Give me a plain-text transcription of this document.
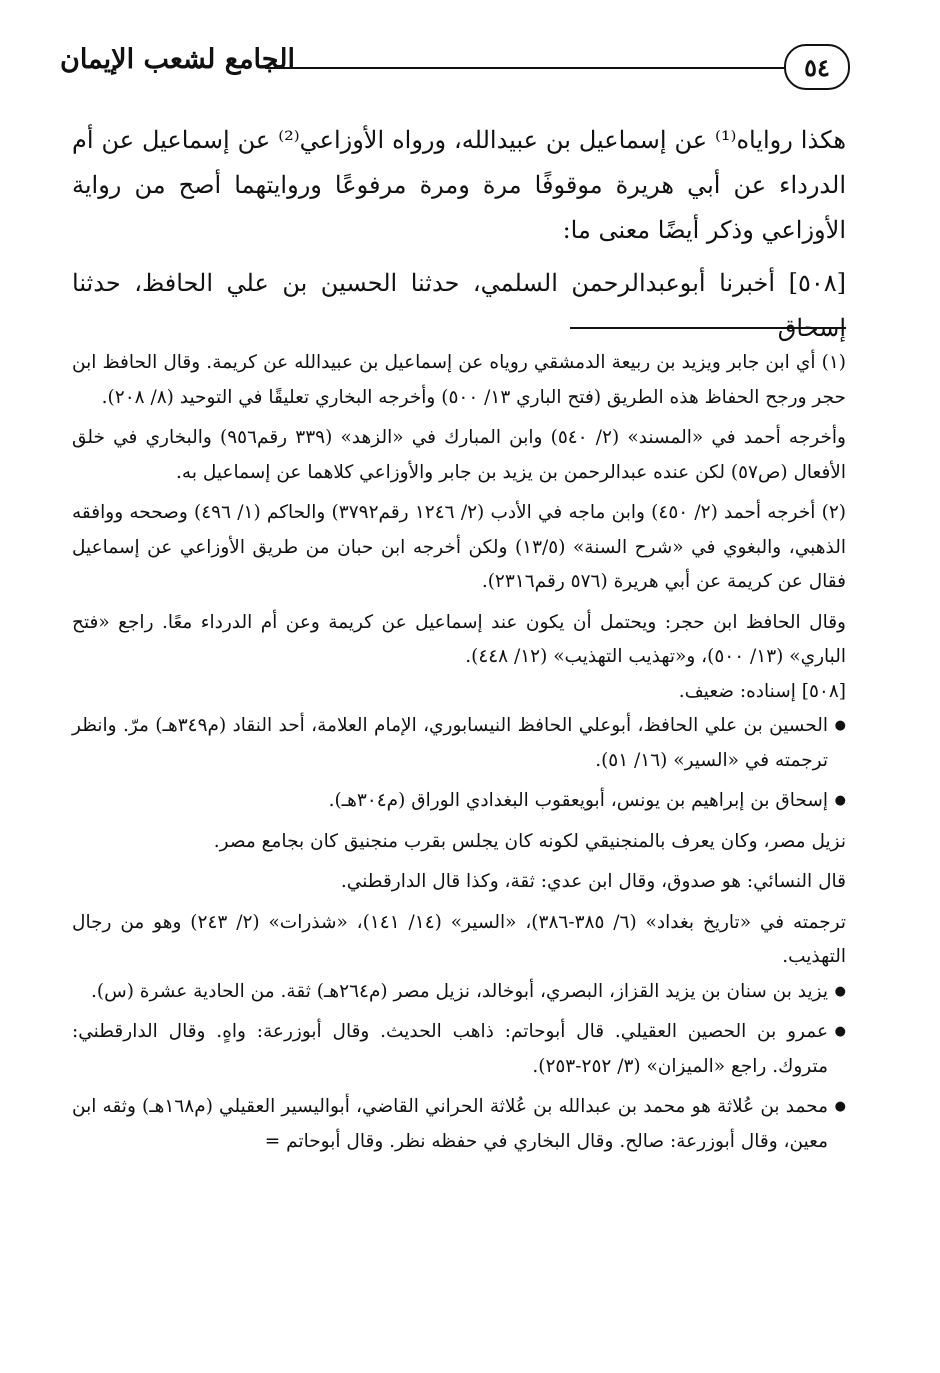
الجامع لشعب الإيمان	٥٤

هكذا رواياه⁽¹⁾ عن إسماعيل بن عبيدالله، ورواه الأوزاعي⁽²⁾ عن إسماعيل عن أم الدرداء عن أبي هريرة موقوفًا مرة ومرة مرفوعًا وروايتهما أصح من رواية الأوزاعي وذكر أيضًا معنى ما:

[٥٠٨] أخبرنا أبوعبدالرحمن السلمي، حدثنا الحسين بن علي الحافظ، حدثنا إسحاق

(١) أي ابن جابر ويزيد بن ربيعة الدمشقي روياه عن إسماعيل بن عبيدالله عن كريمة. وقال الحافظ ابن حجر ورجح الحفاظ هذه الطريق (فتح الباري ١٣/ ٥٠٠) وأخرجه البخاري تعليقًا في التوحيد (٨/ ٢٠٨).

وأخرجه أحمد في «المسند» (٢/ ٥٤٠) وابن المبارك في «الزهد» (٣٣٩ رقم٩٥٦) والبخاري في خلق الأفعال (ص٥٧) لكن عنده عبدالرحمن بن يزيد بن جابر والأوزاعي كلاهما عن إسماعيل به.

(٢) أخرجه أحمد (٢/ ٤٥٠) وابن ماجه في الأدب (٢/ ١٢٤٦ رقم٣٧٩٢) والحاكم (١/ ٤٩٦) وصححه ووافقه الذهبي، والبغوي في «شرح السنة» (١٣/٥) ولكن أخرجه ابن حبان من طريق الأوزاعي عن إسماعيل فقال عن كريمة عن أبي هريرة (٥٧٦ رقم٢٣١٦).

وقال الحافظ ابن حجر: ويحتمل أن يكون عند إسماعيل عن كريمة وعن أم الدرداء معًا. راجع «فتح الباري» (١٣/ ٥٠٠)، و«تهذيب التهذيب» (١٢/ ٤٤٨).

[٥٠٨] إسناده: ضعيف.

● الحسين بن علي الحافظ، أبوعلي الحافظ النيسابوري، الإمام العلامة، أحد النقاد (م٣٤٩هـ) مرّ. وانظر ترجمته في «السير» (١٦/ ٥١).

● إسحاق بن إبراهيم بن يونس، أبويعقوب البغدادي الوراق (م٣٠٤هـ).

نزيل مصر، وكان يعرف بالمنجنيقي لكونه كان يجلس بقرب منجنيق كان بجامع مصر.

قال النسائي: هو صدوق، وقال ابن عدي: ثقة، وكذا قال الدارقطني.

ترجمته في «تاريخ بغداد» (٦/ ٣٨٥-٣٨٦)، «السير» (١٤/ ١٤١)، «شذرات» (٢/ ٢٤٣) وهو من رجال التهذيب.

● يزيد بن سنان بن يزيد القزاز، البصري، أبوخالد، نزيل مصر (م٢٦٤هـ) ثقة. من الحادية عشرة (س).

● عمرو بن الحصين العقيلي. قال أبوحاتم: ذاهب الحديث. وقال أبوزرعة: واهٍ. وقال الدارقطني: متروك. راجع «الميزان» (٣/ ٢٥٢-٢٥٣).

● محمد بن عُلاثة هو محمد بن عبدالله بن عُلاثة الحراني القاضي، أبواليسير العقيلي (م١٦٨هـ) وثقه ابن معين، وقال أبوزرعة: صالح. وقال البخاري في حفظه نظر. وقال أبوحاتم =
